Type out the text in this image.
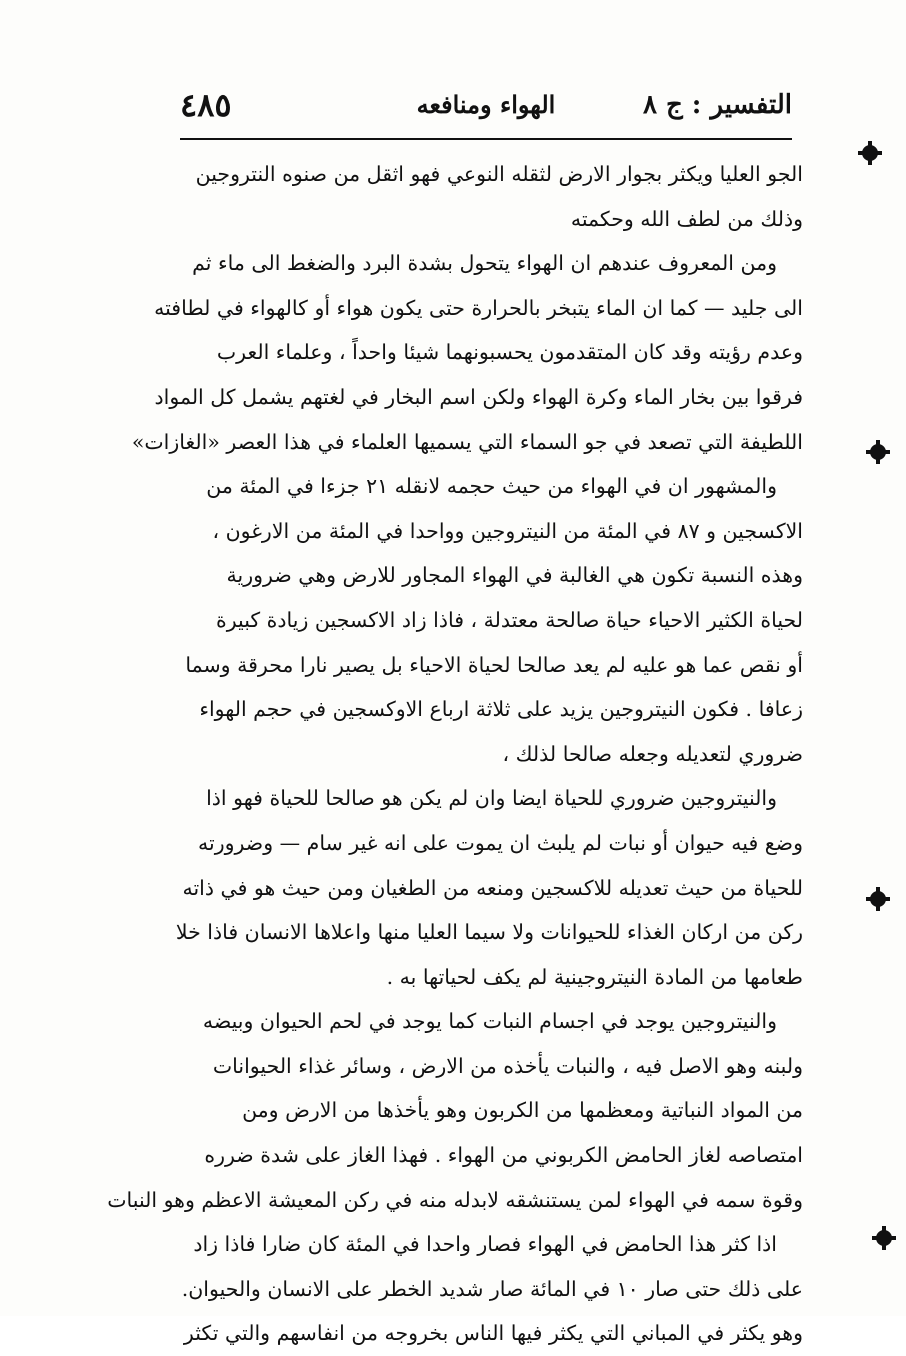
التفسير : ج ٨
الهواء ومنافعه
٤٨٥
الجو العليا ويكثر بجوار الارض لثقله النوعي فهو اثقل من صنوه النتروجين
وذلك من لطف الله وحكمته
ومن المعروف عندهم ان الهواء يتحول بشدة البرد والضغط الى ماء ثم
الى جليد — كما ان الماء يتبخر بالحرارة حتى يكون هواء أو كالهواء في لطافته
وعدم رؤيته وقد كان المتقدمون يحسبونهما شيئا واحداً ، وعلماء العرب
فرقوا بين بخار الماء وكرة الهواء ولكن اسم البخار في لغتهم يشمل كل المواد
اللطيفة التي تصعد في جو السماء التي يسميها العلماء في هذا العصر «الغازات»
والمشهور ان في الهواء من حيث حجمه لانقله ٢١ جزءا في المئة من
الاكسجين و ٨٧ في المئة من النيتروجين وواحدا في المئة من الارغون ،
وهذه النسبة تكون هي الغالبة في الهواء المجاور للارض وهي ضرورية
لحياة الكثير الاحياء حياة صالحة معتدلة ، فاذا زاد الاكسجين زيادة كبيرة
أو نقص عما هو عليه لم يعد صالحا لحياة الاحياء بل يصير نارا محرقة وسما
زعافا . فكون النيتروجين يزيد على ثلاثة ارباع الاوكسجين في حجم الهواء
ضروري لتعديله وجعله صالحا لذلك ،
والنيتروجين ضروري للحياة ايضا وان لم يكن هو صالحا للحياة فهو اذا
وضع فيه حيوان أو نبات لم يلبث ان يموت على انه غير سام — وضرورته
للحياة من حيث تعديله للاكسجين ومنعه من الطغيان ومن حيث هو في ذاته
ركن من اركان الغذاء للحيوانات ولا سيما العليا منها واعلاها الانسان فاذا خلا
طعامها من المادة النيتروجينية لم يكف لحياتها به .
والنيتروجين يوجد في اجسام النبات كما يوجد في لحم الحيوان وبيضه
ولبنه وهو الاصل فيه ، والنبات يأخذه من الارض ، وسائر غذاء الحيوانات
من المواد النباتية ومعظمها من الكربون وهو يأخذها من الارض ومن
امتصاصه لغاز الحامض الكربوني من الهواء . فهذا الغاز على شدة ضرره
وقوة سمه في الهواء لمن يستنشقه لابدله منه في ركن المعيشة الاعظم وهو النبات
اذا كثر هذا الحامض في الهواء فصار واحدا في المئة كان ضارا فاذا زاد
على ذلك حتى صار ١٠ في المائة صار شديد الخطر على الانسان والحيوان.
وهو يكثر في المباني التي يكثر فيها الناس بخروجه من انفاسهم والتي تكثر
